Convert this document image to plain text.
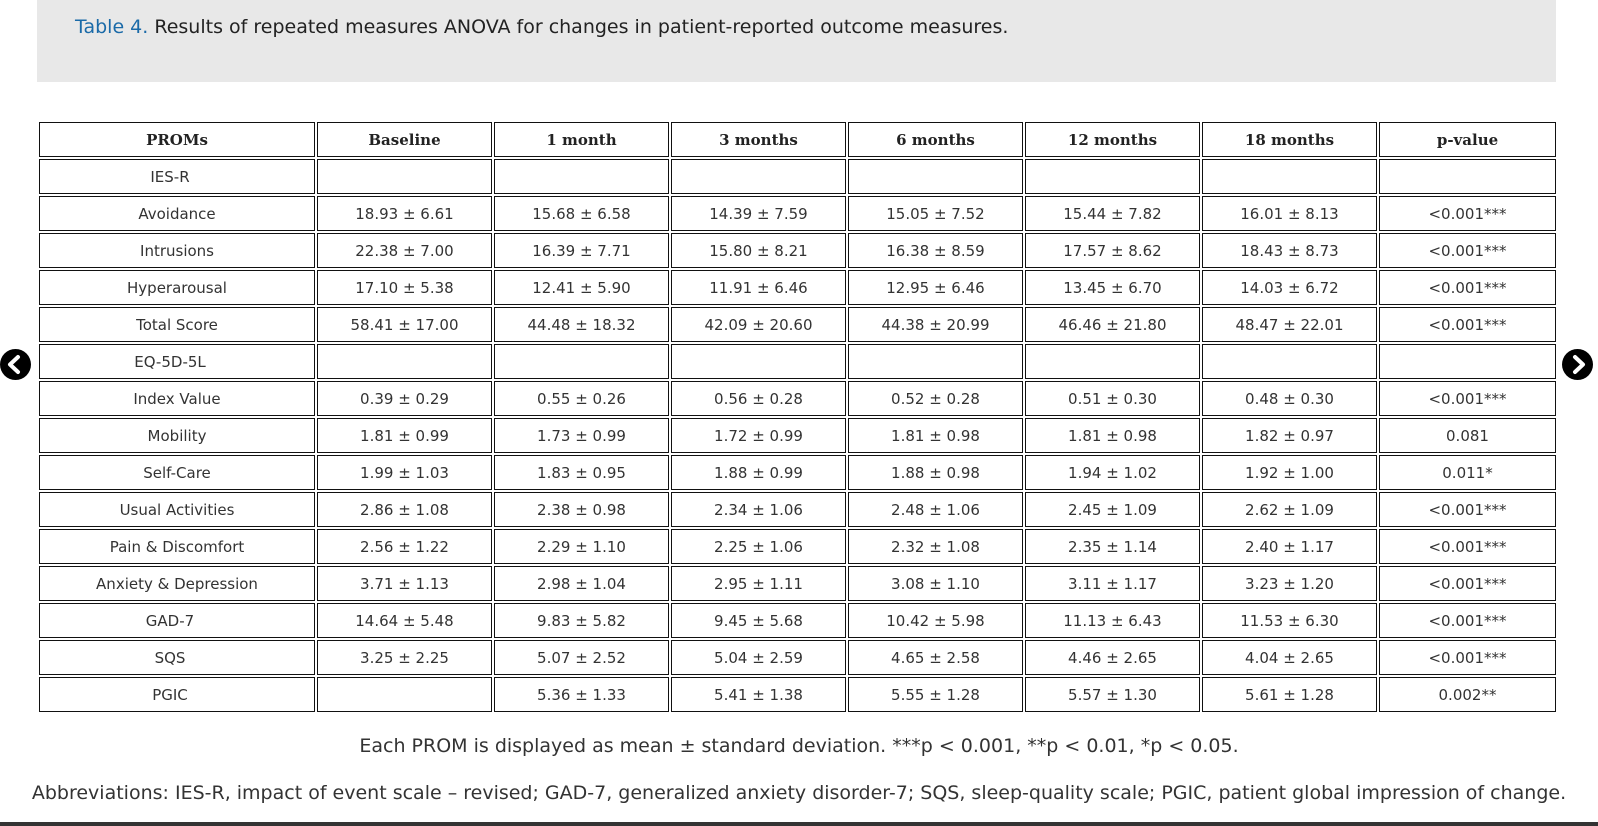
Table 4. Results of repeated measures ANOVA for changes in patient-reported outcome measures.
PROMs	Baseline	1 month	3 months	6 months	12 months	18 months	p-value
IES-R							
Avoidance	18.93 ± 6.61	15.68 ± 6.58	14.39 ± 7.59	15.05 ± 7.52	15.44 ± 7.82	16.01 ± 8.13	<0.001***
Intrusions	22.38 ± 7.00	16.39 ± 7.71	15.80 ± 8.21	16.38 ± 8.59	17.57 ± 8.62	18.43 ± 8.73	<0.001***
Hyperarousal	17.10 ± 5.38	12.41 ± 5.90	11.91 ± 6.46	12.95 ± 6.46	13.45 ± 6.70	14.03 ± 6.72	<0.001***
Total Score	58.41 ± 17.00	44.48 ± 18.32	42.09 ± 20.60	44.38 ± 20.99	46.46 ± 21.80	48.47 ± 22.01	<0.001***
EQ-5D-5L							
Index Value	0.39 ± 0.29	0.55 ± 0.26	0.56 ± 0.28	0.52 ± 0.28	0.51 ± 0.30	0.48 ± 0.30	<0.001***
Mobility	1.81 ± 0.99	1.73 ± 0.99	1.72 ± 0.99	1.81 ± 0.98	1.81 ± 0.98	1.82 ± 0.97	0.081
Self-Care	1.99 ± 1.03	1.83 ± 0.95	1.88 ± 0.99	1.88 ± 0.98	1.94 ± 1.02	1.92 ± 1.00	0.011*
Usual Activities	2.86 ± 1.08	2.38 ± 0.98	2.34 ± 1.06	2.48 ± 1.06	2.45 ± 1.09	2.62 ± 1.09	<0.001***
Pain & Discomfort	2.56 ± 1.22	2.29 ± 1.10	2.25 ± 1.06	2.32 ± 1.08	2.35 ± 1.14	2.40 ± 1.17	<0.001***
Anxiety & Depression	3.71 ± 1.13	2.98 ± 1.04	2.95 ± 1.11	3.08 ± 1.10	3.11 ± 1.17	3.23 ± 1.20	<0.001***
GAD-7	14.64 ± 5.48	9.83 ± 5.82	9.45 ± 5.68	10.42 ± 5.98	11.13 ± 6.43	11.53 ± 6.30	<0.001***
SQS	3.25 ± 2.25	5.07 ± 2.52	5.04 ± 2.59	4.65 ± 2.58	4.46 ± 2.65	4.04 ± 2.65	<0.001***
PGIC		5.36 ± 1.33	5.41 ± 1.38	5.55 ± 1.28	5.57 ± 1.30	5.61 ± 1.28	0.002**
Each PROM is displayed as mean ± standard deviation. ***p < 0.001, **p < 0.01, *p < 0.05.
Abbreviations: IES-R, impact of event scale – revised; GAD-7, generalized anxiety disorder-7; SQS, sleep-quality scale; PGIC, patient global impression of change.
